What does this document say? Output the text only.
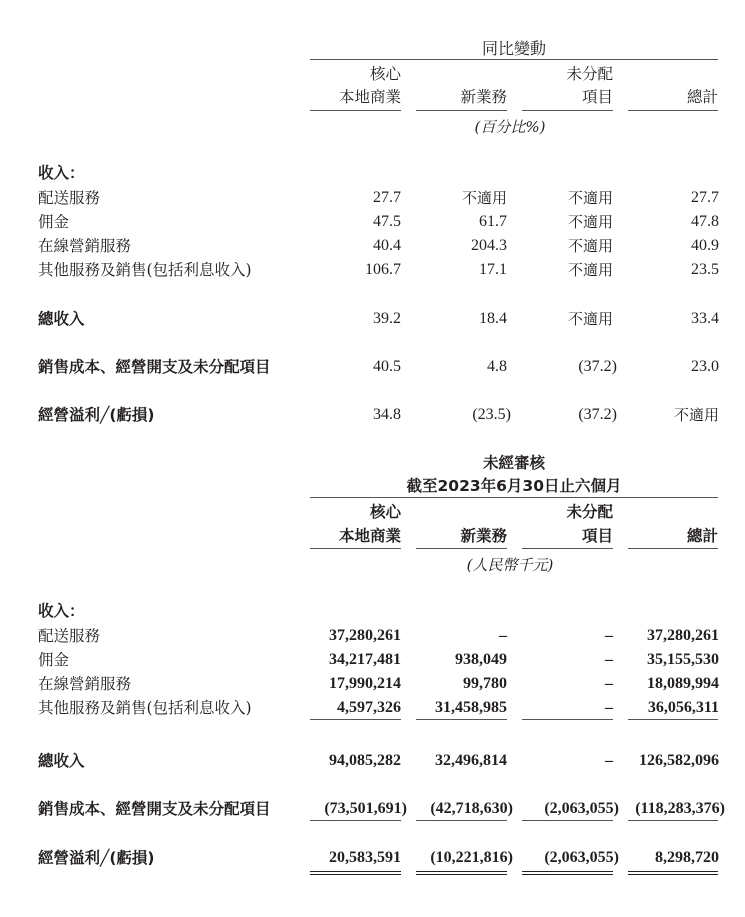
同比變動
核心
本地商業	新業務
未分配
項目	總計
(百分比%)
收入：
配送服務	27.7	不適用	不適用	27.7
佣金	47.5	61.7	不適用	47.8
在線營銷服務	40.4	204.3	不適用	40.9
其他服務及銷售(包括利息收入)	106.7	17.1	不適用	23.5
總收入	39.2	18.4	不適用	33.4
銷售成本、經營開支及未分配項目	40.5	4.8	(37.2)	23.0
經營溢利╱(虧損)	34.8	(23.5)	(37.2)	不適用
未經審核
截至2023年6月30日止六個月
核心
本地商業	新業務
未分配
項目	總計
(人民幣千元)
收入：
配送服務	37,280,261	–	–	37,280,261
佣金	34,217,481	938,049	–	35,155,530
在線營銷服務	17,990,214	99,780	–	18,089,994
其他服務及銷售(包括利息收入)	4,597,326	31,458,985	–	36,056,311
總收入	94,085,282	32,496,814	–	126,582,096
銷售成本、經營開支及未分配項目	(73,501,691)	(42,718,630)	(2,063,055)	(118,283,376)
經營溢利╱(虧損)	20,583,591	(10,221,816)	(2,063,055)	8,298,720
